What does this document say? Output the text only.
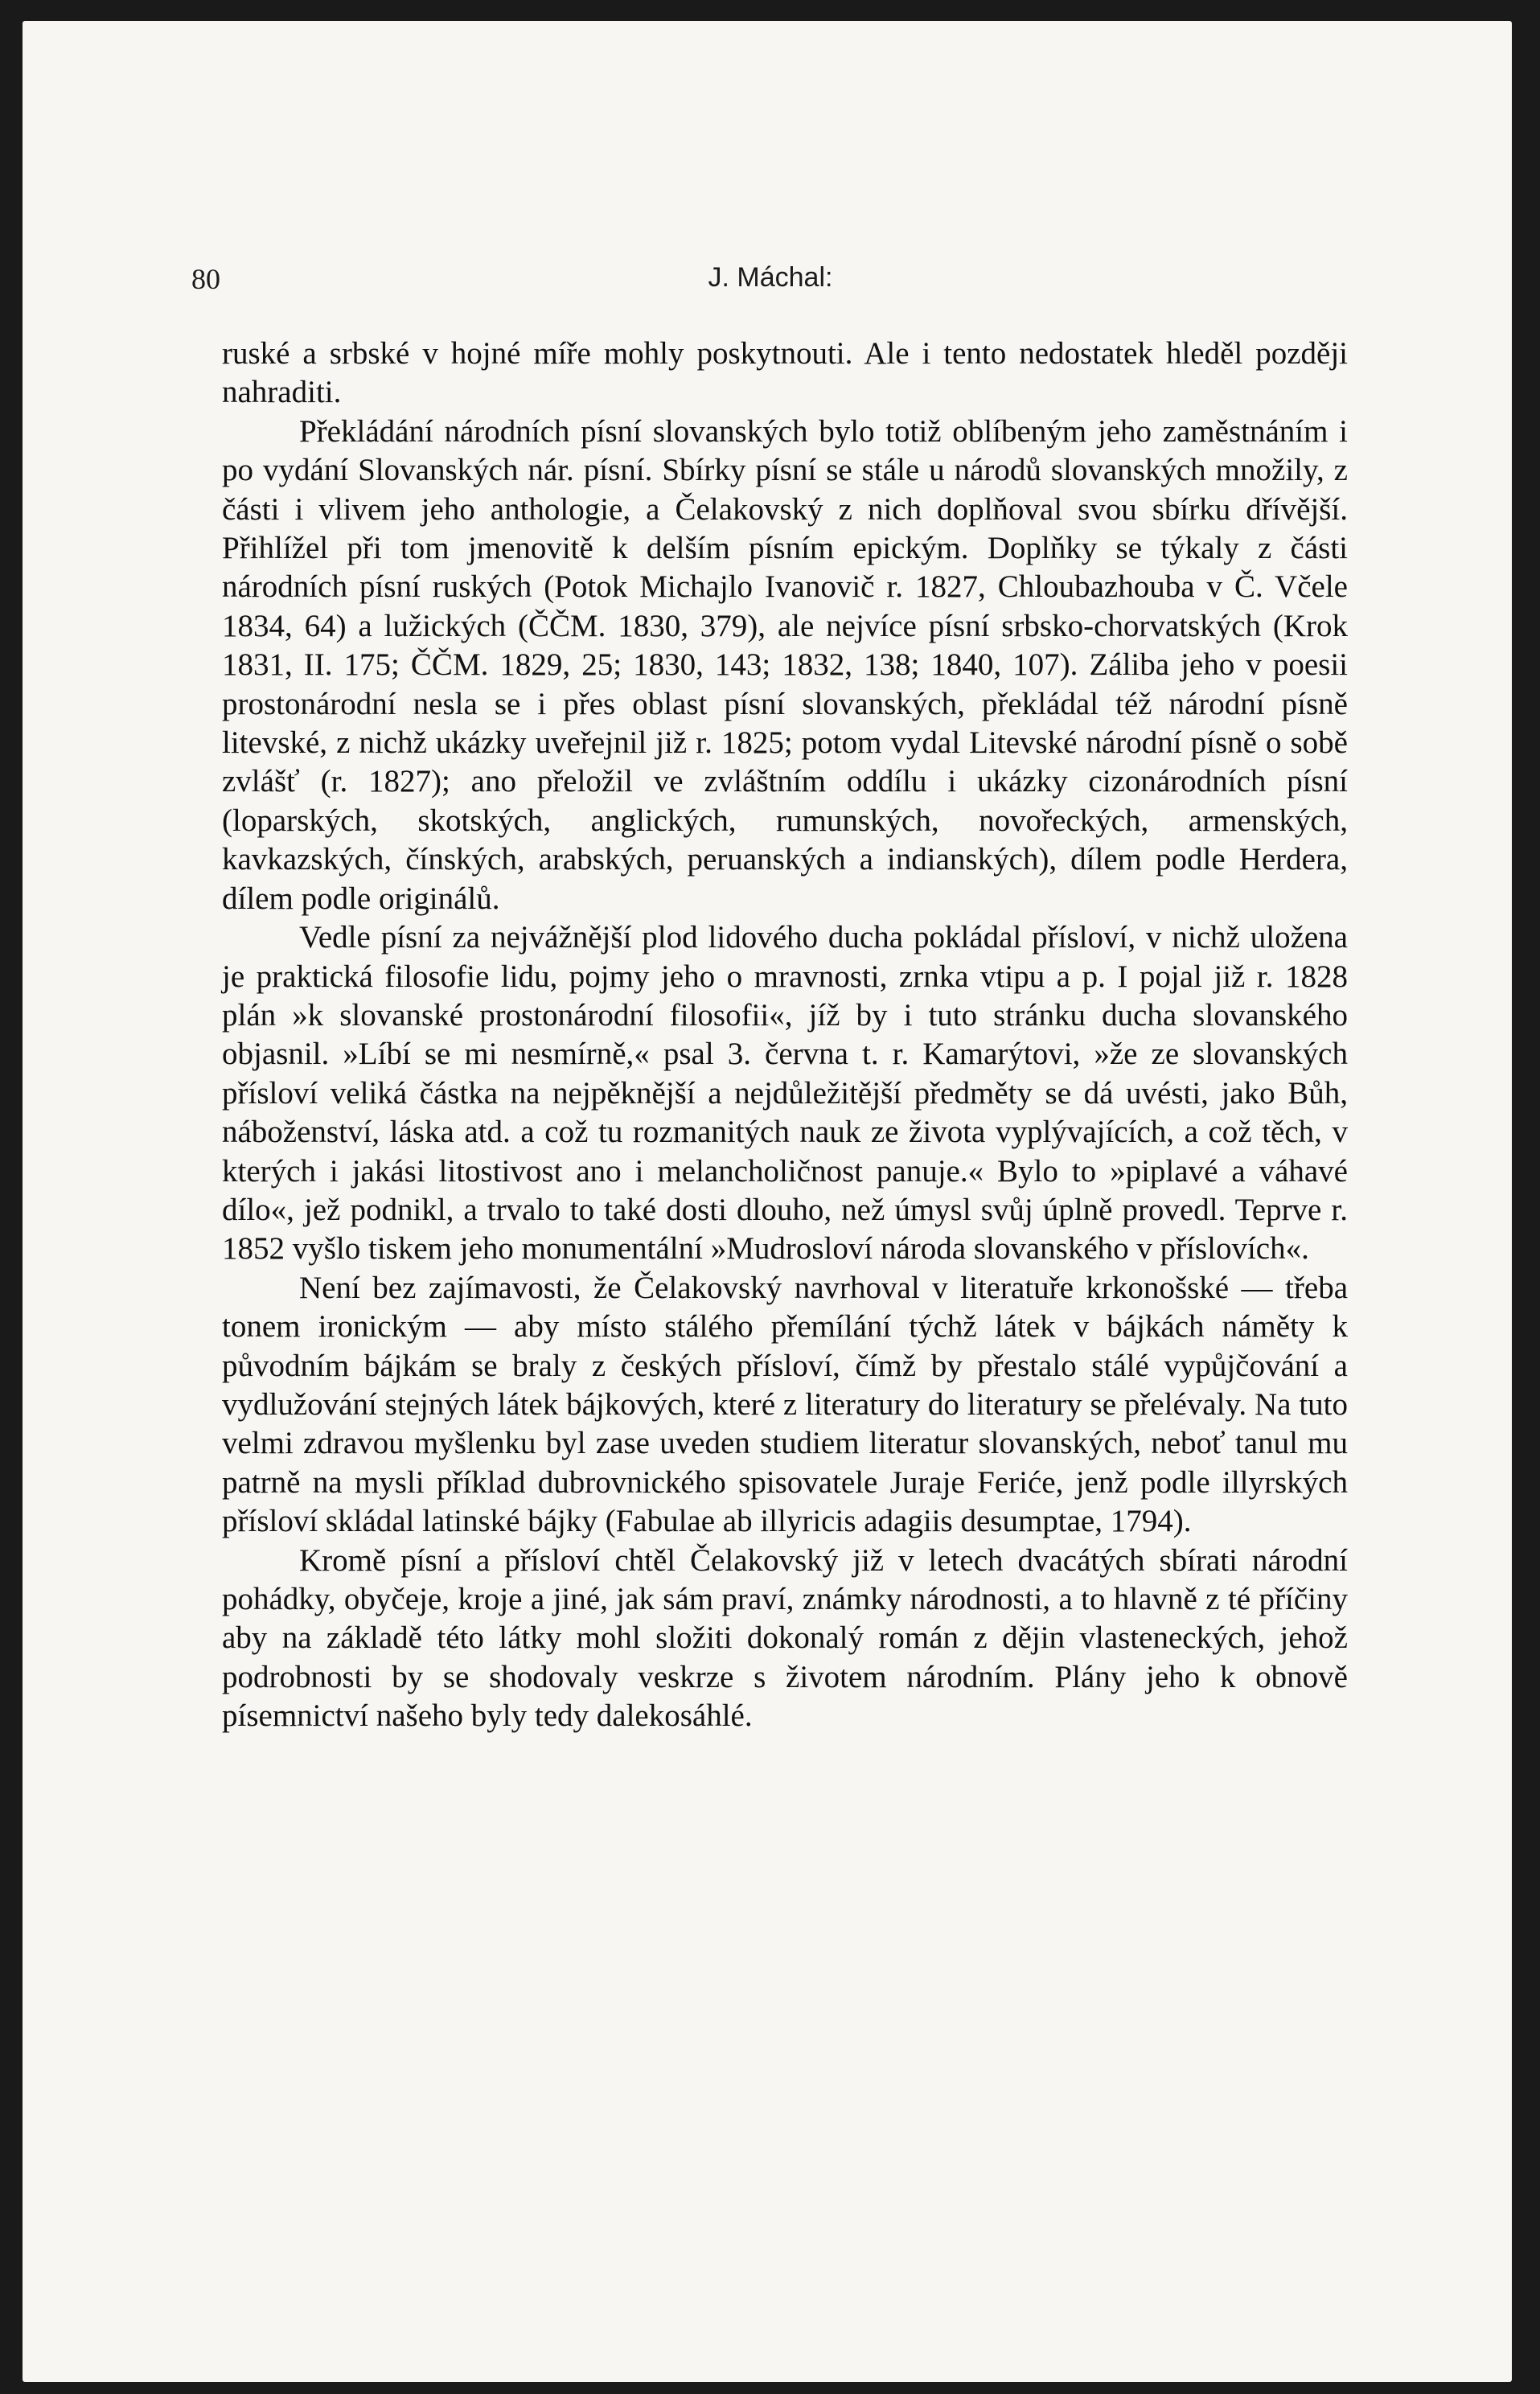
80	J. Máchal:

ruské a srbské v hojné míře mohly poskytnouti. Ale i tento nedostatek hleděl později nahraditi.

Překládání národních písní slovanských bylo totiž oblíbeným jeho zaměstnáním i po vydání Slovanských nár. písní. Sbírky písní se stále u národů slovanských množily, z části i vlivem jeho anthologie, a Čelakovský z nich doplňoval svou sbírku dřívější. Přihlížel při tom jmenovitě k delším písním epickým. Doplňky se týkaly z části národních písní ruských (Potok Michajlo Ivanovič r. 1827, Chloubazhouba v Č. Včele 1834, 64) a lužických (ČČM. 1830, 379), ale nejvíce písní srbsko-chorvatských (Krok 1831, II. 175; ČČM. 1829, 25; 1830, 143; 1832, 138; 1840, 107). Záliba jeho v poesii prostonárodní nesla se i přes oblast písní slovanských, překládal též národní písně litevské, z nichž ukázky uveřejnil již r. 1825; potom vydal Litevské národní písně o sobě zvlášť (r. 1827); ano přeložil ve zvláštním oddílu i ukázky cizonárodních písní (loparských, skotských, anglických, rumunských, novořeckých, armenských, kavkazských, čínských, arabských, peruanských a indianských), dílem podle Herdera, dílem podle originálů.

Vedle písní za nejvážnější plod lidového ducha pokládal přísloví, v nichž uložena je praktická filosofie lidu, pojmy jeho o mravnosti, zrnka vtipu a p. I pojal již r. 1828 plán »k slovanské prostonárodní filosofii«, jíž by i tuto stránku ducha slovanského objasnil. »Líbí se mi nesmírně,« psal 3. června t. r. Kamarýtovi, »že ze slovanských přísloví veliká částka na nejpěknější a nejdůležitější předměty se dá uvésti, jako Bůh, náboženství, láska atd. a což tu rozmanitých nauk ze života vyplývajících, a což těch, v kterých i jakási litostivost ano i melancholičnost panuje.« Bylo to »piplavé a váhavé dílo«, jež podnikl, a trvalo to také dosti dlouho, než úmysl svůj úplně provedl. Teprve r. 1852 vyšlo tiskem jeho monumentální »Mudrosloví národa slovanského v příslovích«.

Není bez zajímavosti, že Čelakovský navrhoval v literatuře krkonošské — třeba tonem ironickým — aby místo stálého přemílání týchž látek v bájkách náměty k původním bájkám se braly z českých přísloví, čímž by přestalo stálé vypůjčování a vydlužování stejných látek bájkových, které z literatury do literatury se přelévaly. Na tuto velmi zdravou myšlenku byl zase uveden studiem literatur slovanských, neboť tanul mu patrně na mysli příklad dubrovnického spisovatele Juraje Feriće, jenž podle illyrských přísloví skládal latinské bájky (Fabulae ab illyricis adagiis desumptae, 1794).

Kromě písní a přísloví chtěl Čelakovský již v letech dvacátých sbírati národní pohádky, obyčeje, kroje a jiné, jak sám praví, známky národnosti, a to hlavně z té příčiny aby na základě této látky mohl složiti dokonalý román z dějin vlasteneckých, jehož podrobnosti by se shodovaly veskrze s životem národním. Plány jeho k obnově písemnictví našeho byly tedy dalekosáhlé.
